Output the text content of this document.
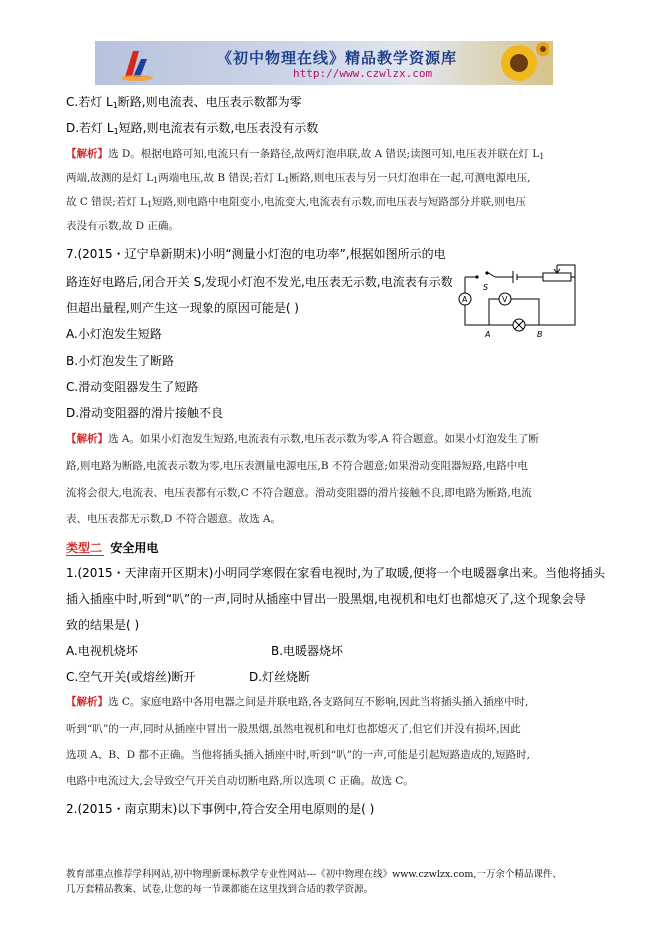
《初中物理在线》精品教学资源库
http://www.czwlzx.com
C.若灯 $L_1$断路,则电流表、电压表示数都为零
D.若灯 $L_1$短路,则电流表有示数,电压表没有示数
【解析】选 D。根据电路可知,电流只有一条路径,故两灯泡串联,故 A 错误;读图可知,电压表并联在灯 $L_1$
两端,故测的是灯 $L_1$两端电压,故 B 错误;若灯 $L_1$断路,则电压表与另一只灯泡串在一起,可测电源电压,
故 C 错误;若灯 $L_1$短路,则电路中电阻变小,电流变大,电流表有示数,而电压表与短路部分并联,则电压
表没有示数,故 D 正确。
7.(2015・辽宁阜新期末)小明“测量小灯泡的电功率”,根据如图所示的电
路连好电路后,闭合开关 S,发现小灯泡不发光,电压表无示数,电流表有示数
但超出量程,则产生这一现象的原因可能是( )
S
A	V
A	B
A.小灯泡发生短路
B.小灯泡发生了断路
C.滑动变阻器发生了短路
D.滑动变阻器的滑片接触不良
【解析】选 A。如果小灯泡发生短路,电流表有示数,电压表示数为零,A 符合题意。如果小灯泡发生了断
路,则电路为断路,电流表示数为零,电压表测量电源电压,B 不符合题意;如果滑动变阻器短路,电路中电
流将会很大,电流表、电压表都有示数,C 不符合题意。滑动变阻器的滑片接触不良,即电路为断路,电流
表、电压表都无示数,D 不符合题意。故选 A。
类型二 安全用电
1.(2015・天津南开区期末)小明同学寒假在家看电视时,为了取暖,便将一个电暖器拿出来。当他将插头
插入插座中时,听到“叭”的一声,同时从插座中冒出一股黑烟,电视机和电灯也都熄灭了,这个现象会导
致的结果是( )
A.电视机烧坏	B.电暖器烧坏
C.空气开关(或熔丝)断开	D.灯丝烧断
【解析】选 C。家庭电路中各用电器之间是并联电路,各支路间互不影响,因此当将插头插入插座中时,
听到“叭”的一声,同时从插座中冒出一股黑烟,虽然电视机和电灯也都熄灭了,但它们并没有损坏,因此
选项 A、B、D 都不正确。当他将插头插入插座中时,听到“叭”的一声,可能是引起短路造成的,短路时,
电路中电流过大,会导致空气开关自动切断电路,所以选项 C 正确。故选 C。
2.(2015・南京期末)以下事例中,符合安全用电原则的是( )
教育部重点推荐学科网站,初中物理新课标教学专业性网站---《初中物理在线》www.czwlzx.com,一万余个精品课件、
几万套精品教案、试卷,让您的每一节课都能在这里找到合适的教学资源。
